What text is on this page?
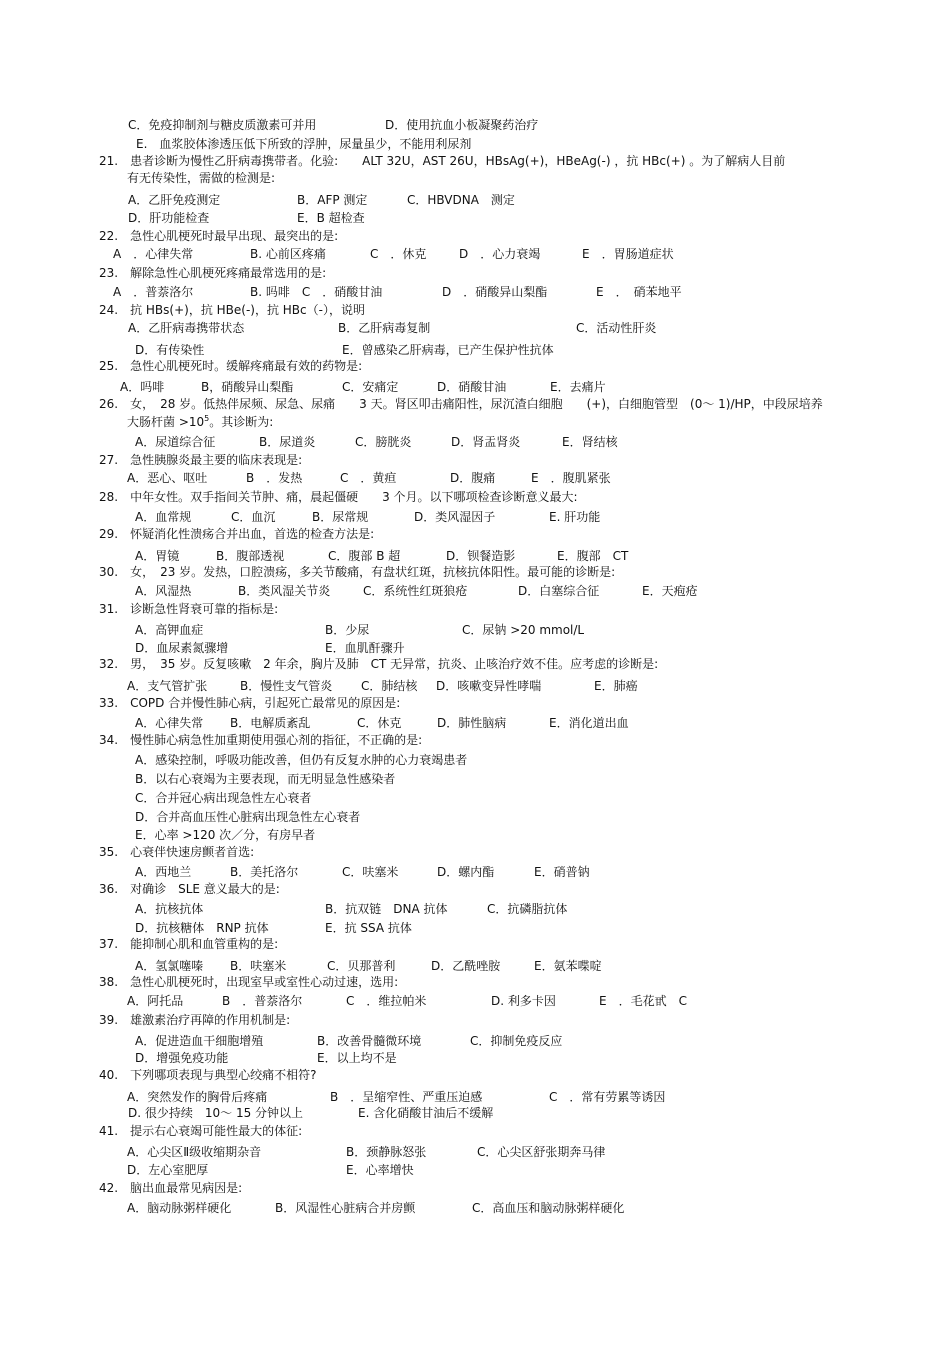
C．免疫抑制剂与糖皮质激素可并用	D．使用抗血小板凝聚药治疗
E.　血浆胶体渗透压低下所致的浮肿，尿量虽少，不能用利尿剂
21.　患者诊断为慢性乙肝病毒携带者。化验:　　ALT 32U，AST 26U，HBsAg(+)，HBeAg(-) ，抗 HBc(+) 。为了解病人目前
有无传染性，需做的检测是:
A．乙肝免疫测定	B．AFP 测定	C．HBVDNA　测定
D．肝功能检查	E．B 超检查
22.　急性心肌梗死时最早出现、最突出的是:
A　．心律失常	B. 心前区疼痛	C　．休克	D　．心力衰竭	E　．胃肠道症状
23.　解除急性心肌梗死疼痛最常选用的是:
A　．普萘洛尔	B. 吗啡　C　．硝酸甘油	D　．硝酸异山梨酯	E　．　硝苯地平
24.　抗 HBs(+)，抗 HBe(-)，抗 HBc（-），说明
A．乙肝病毒携带状态	B．乙肝病毒复制	C．活动性肝炎
D．有传染性	E．曾感染乙肝病毒，已产生保护性抗体
25.　急性心肌梗死时。缓解疼痛最有效的药物是:
A．吗啡	B，硝酸异山梨酯	C．安痛定	D．硝酸甘油	E．去痛片
26.　女，　28 岁。低热伴尿频、尿急、尿痛　　3 天。肾区叩击痛阳性，尿沉渣白细胞　　(+)，白细胞管型　(0～ 1)/HP，中段尿培养
大肠杆菌 $>10^5$。其诊断为:
A．尿道综合征	B．尿道炎	C．膀胱炎	D．肾盂肾炎	E．肾结核
27.　急性胰腺炎最主要的临床表现是:
A．恶心、呕吐	B　．发热	C　．黄疸	D．腹痛	E　．腹肌紧张
28.　中年女性。双手指间关节肿、痛，晨起僵硬　　3 个月。以下哪项检查诊断意义最大:
A．血常规	C．血沉	B．尿常规	D．类风湿因子	E. 肝功能
29.　怀疑消化性溃疡合并出血，首选的检查方法是:
A．胃镜	B．腹部透视	C．腹部 B 超	D．钡餐造影	E．腹部　CT
30.　女，　23 岁。发热，口腔溃疡，多关节酸痛，有盘状红斑，抗核抗体阳性。最可能的诊断是:
A．风湿热	B．类风湿关节炎	C．系统性红斑狼疮	D．白塞综合征	E．天疱疮
31.　诊断急性肾衰可靠的指标是:
A．高钾血症	B．少尿	C．尿钠 >20 mmol/L
D．血尿素氮骤增	E．血肌酐骤升
32.　男，　35 岁。反复咳嗽　2 年余，胸片及肺　CT 无异常，抗炎、止咳治疗效不佳。应考虑的诊断是:
A．支气管扩张	B．慢性支气管炎 C．肺结核 D．咳嗽变异性哮喘	E．肺癌
33.　COPD 合并慢性肺心病，引起死亡最常见的原因是:
A．心律失常 B．电解质紊乱	C．休克	D．肺性脑病	E．消化道出血
34.　慢性肺心病急性加重期使用强心剂的指征，不正确的是:
A．感染控制，呼吸功能改善，但仍有反复水肿的心力衰竭患者
B．以右心衰竭为主要表现，而无明显急性感染者
C．合并冠心病出现急性左心衰者
D．合并高血压性心脏病出现急性左心衰者
E．心率 >120 次／分，有房早者
35.　心衰伴快速房颤者首选:
A．西地兰	B．美托洛尔	C．呋塞米	D．螺内酯	E．硝普钠
36.　对确诊　SLE 意义最大的是:
A．抗核抗体	B．抗双链　DNA 抗体	C．抗磷脂抗体
D．抗核糖体　RNP 抗体	E．抗 SSA 抗体
37.　能抑制心肌和血管重构的是:
A．氢氯噻嗪 B．呋塞米	C．贝那普利	D．乙酰唑胺	E．氨苯喋啶
38.　急性心肌梗死时，出现室早或室性心动过速，选用:
A．阿托品	B　．普萘洛尔	C　．维拉帕米	D. 利多卡因	E　．毛花甙　C
39.　雄激素治疗再障的作用机制是:
A．促进造血干细胞增殖	B．改善骨髓微环境	C．抑制免疫反应
D．增强免疫功能	E．以上均不是
40.　下列哪项表现与典型心绞痛不相符?
A．突然发作的胸骨后疼痛	B　．呈缩窄性、严重压迫感	C　．常有劳累等诱因
D. 很少持续　10～ 15 分钟以上	E. 含化硝酸甘油后不缓解
41.　提示右心衰竭可能性最大的体征:
A．心尖区Ⅱ级收缩期杂音	B．颈静脉怒张	C．心尖区舒张期奔马律
D．左心室肥厚	E．心率增快
42.　脑出血最常见病因是:
A．脑动脉粥样硬化	B．风湿性心脏病合并房颤	C．高血压和脑动脉粥样硬化
